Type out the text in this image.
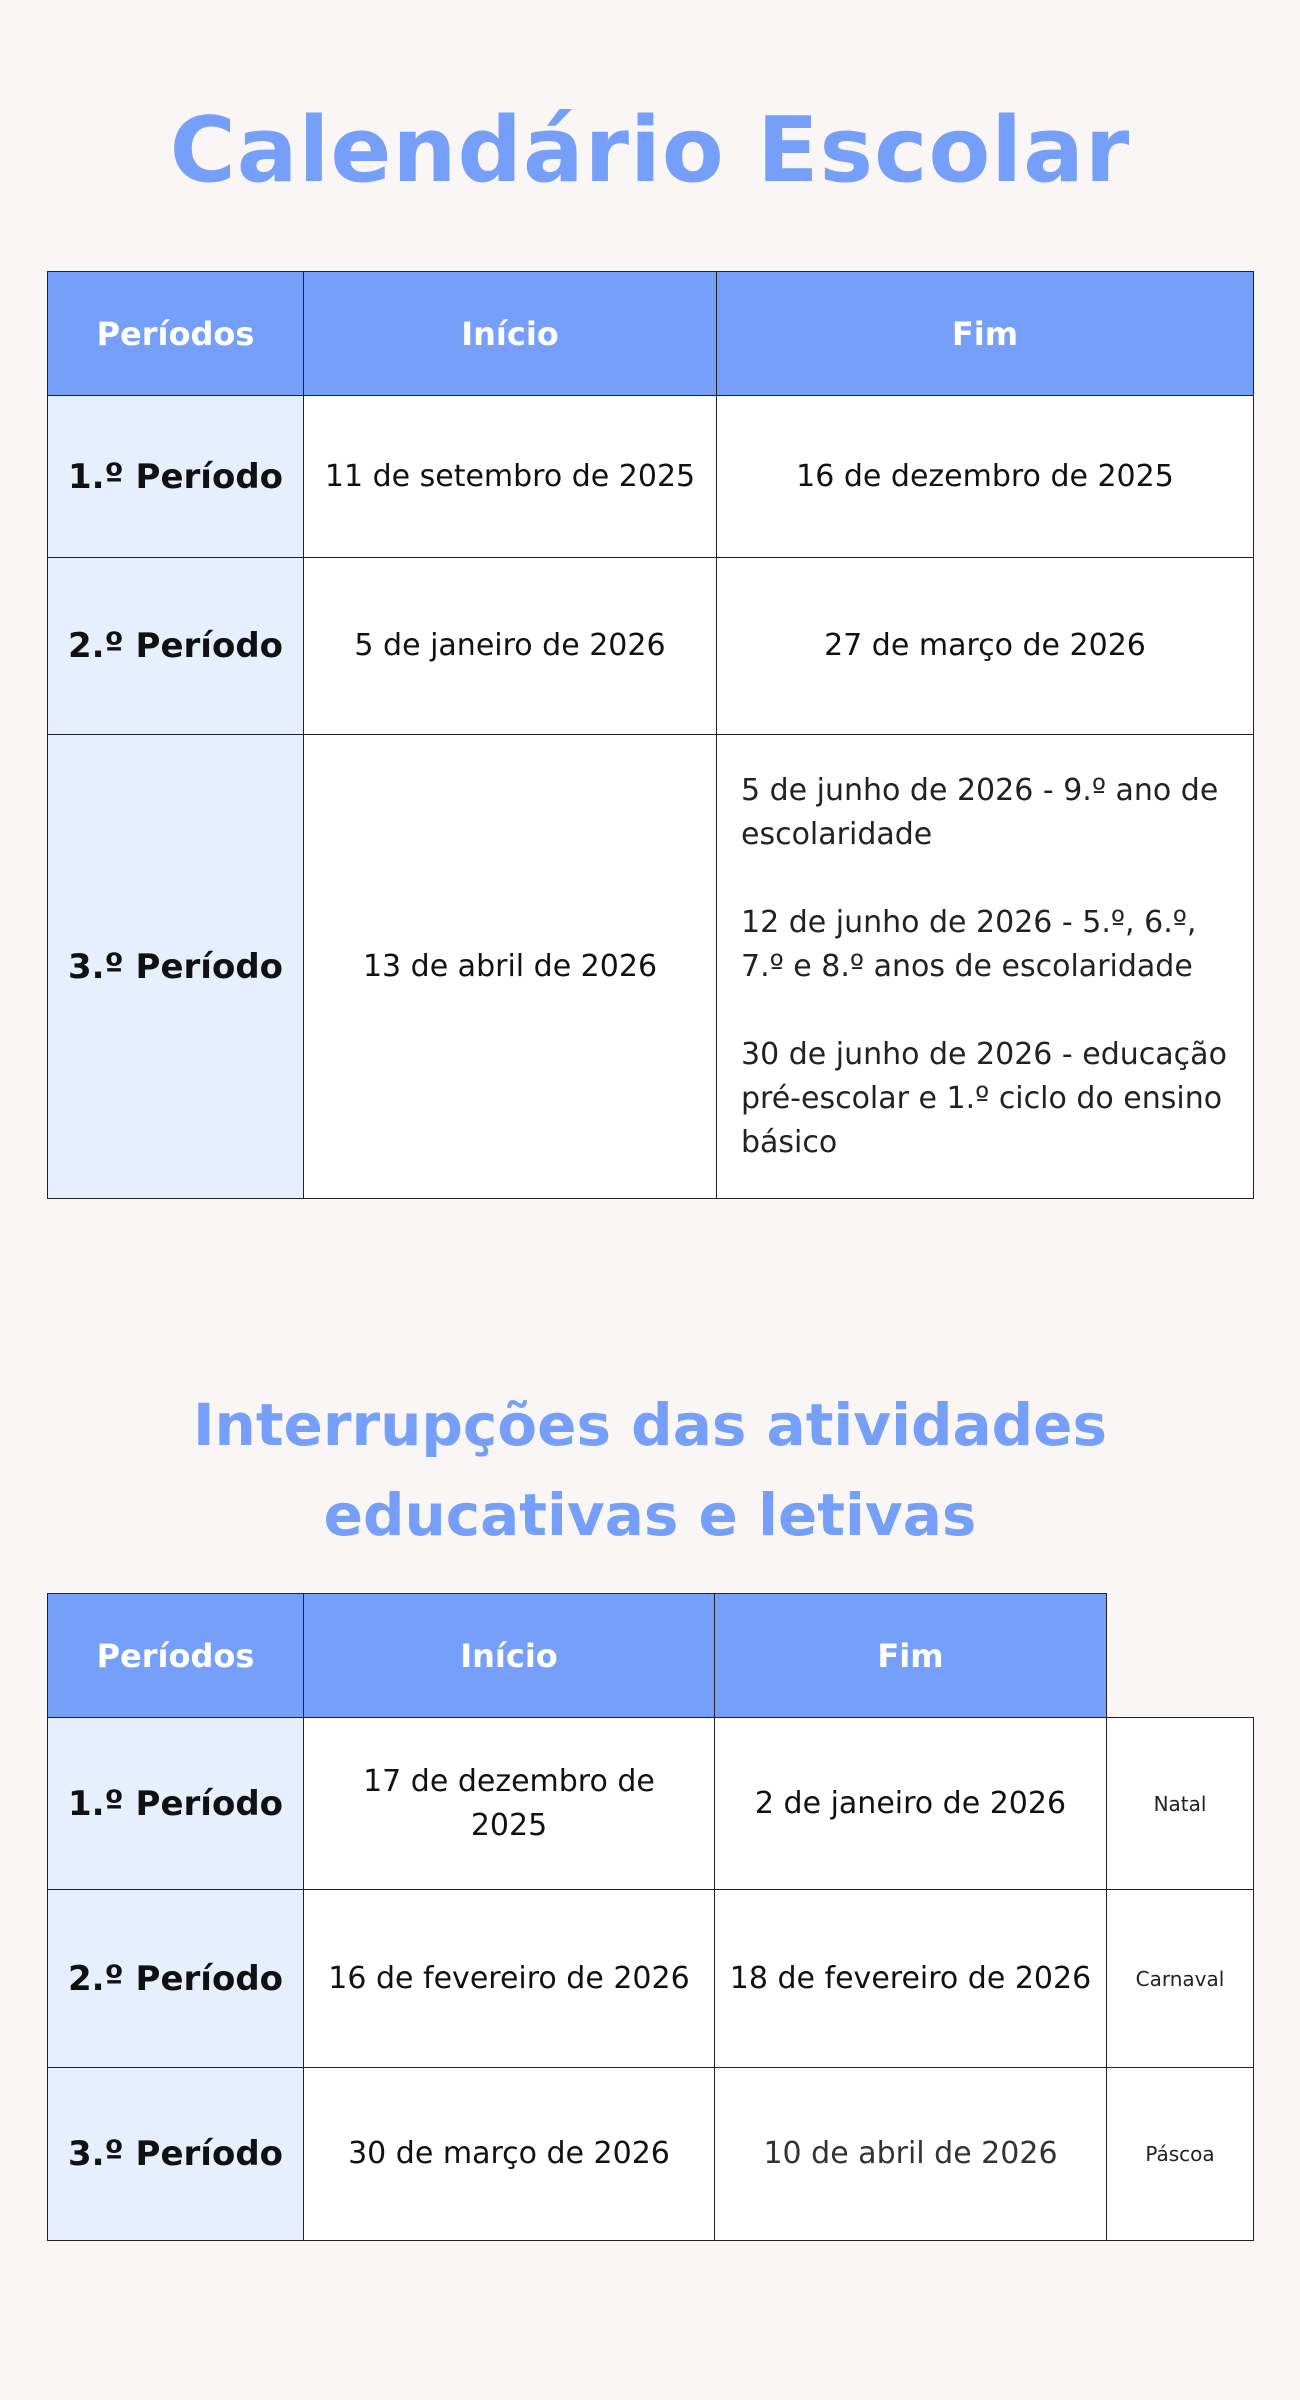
Calendário Escolar
Períodos	Início	Fim
1.º Período	11 de setembro de 2025	16 de dezembro de 2025
2.º Período	5 de janeiro de 2026	27 de março de 2026
3.º Período	13 de abril de 2026	5 de junho de 2026 - 9.º ano de escolaridade

12 de junho de 2026 - 5.º, 6.º, 7.º e 8.º anos de escolaridade

30 de junho de 2026 - educação pré-escolar e 1.º ciclo do ensino básico

Interrupções das atividades educativas e letivas
Períodos	Início	Fim	
1.º Período	17 de dezembro de 2025	2 de janeiro de 2026	Natal
2.º Período	16 de fevereiro de 2026	18 de fevereiro de 2026	Carnaval
3.º Período	30 de março de 2026	10 de abril de 2026	Páscoa
